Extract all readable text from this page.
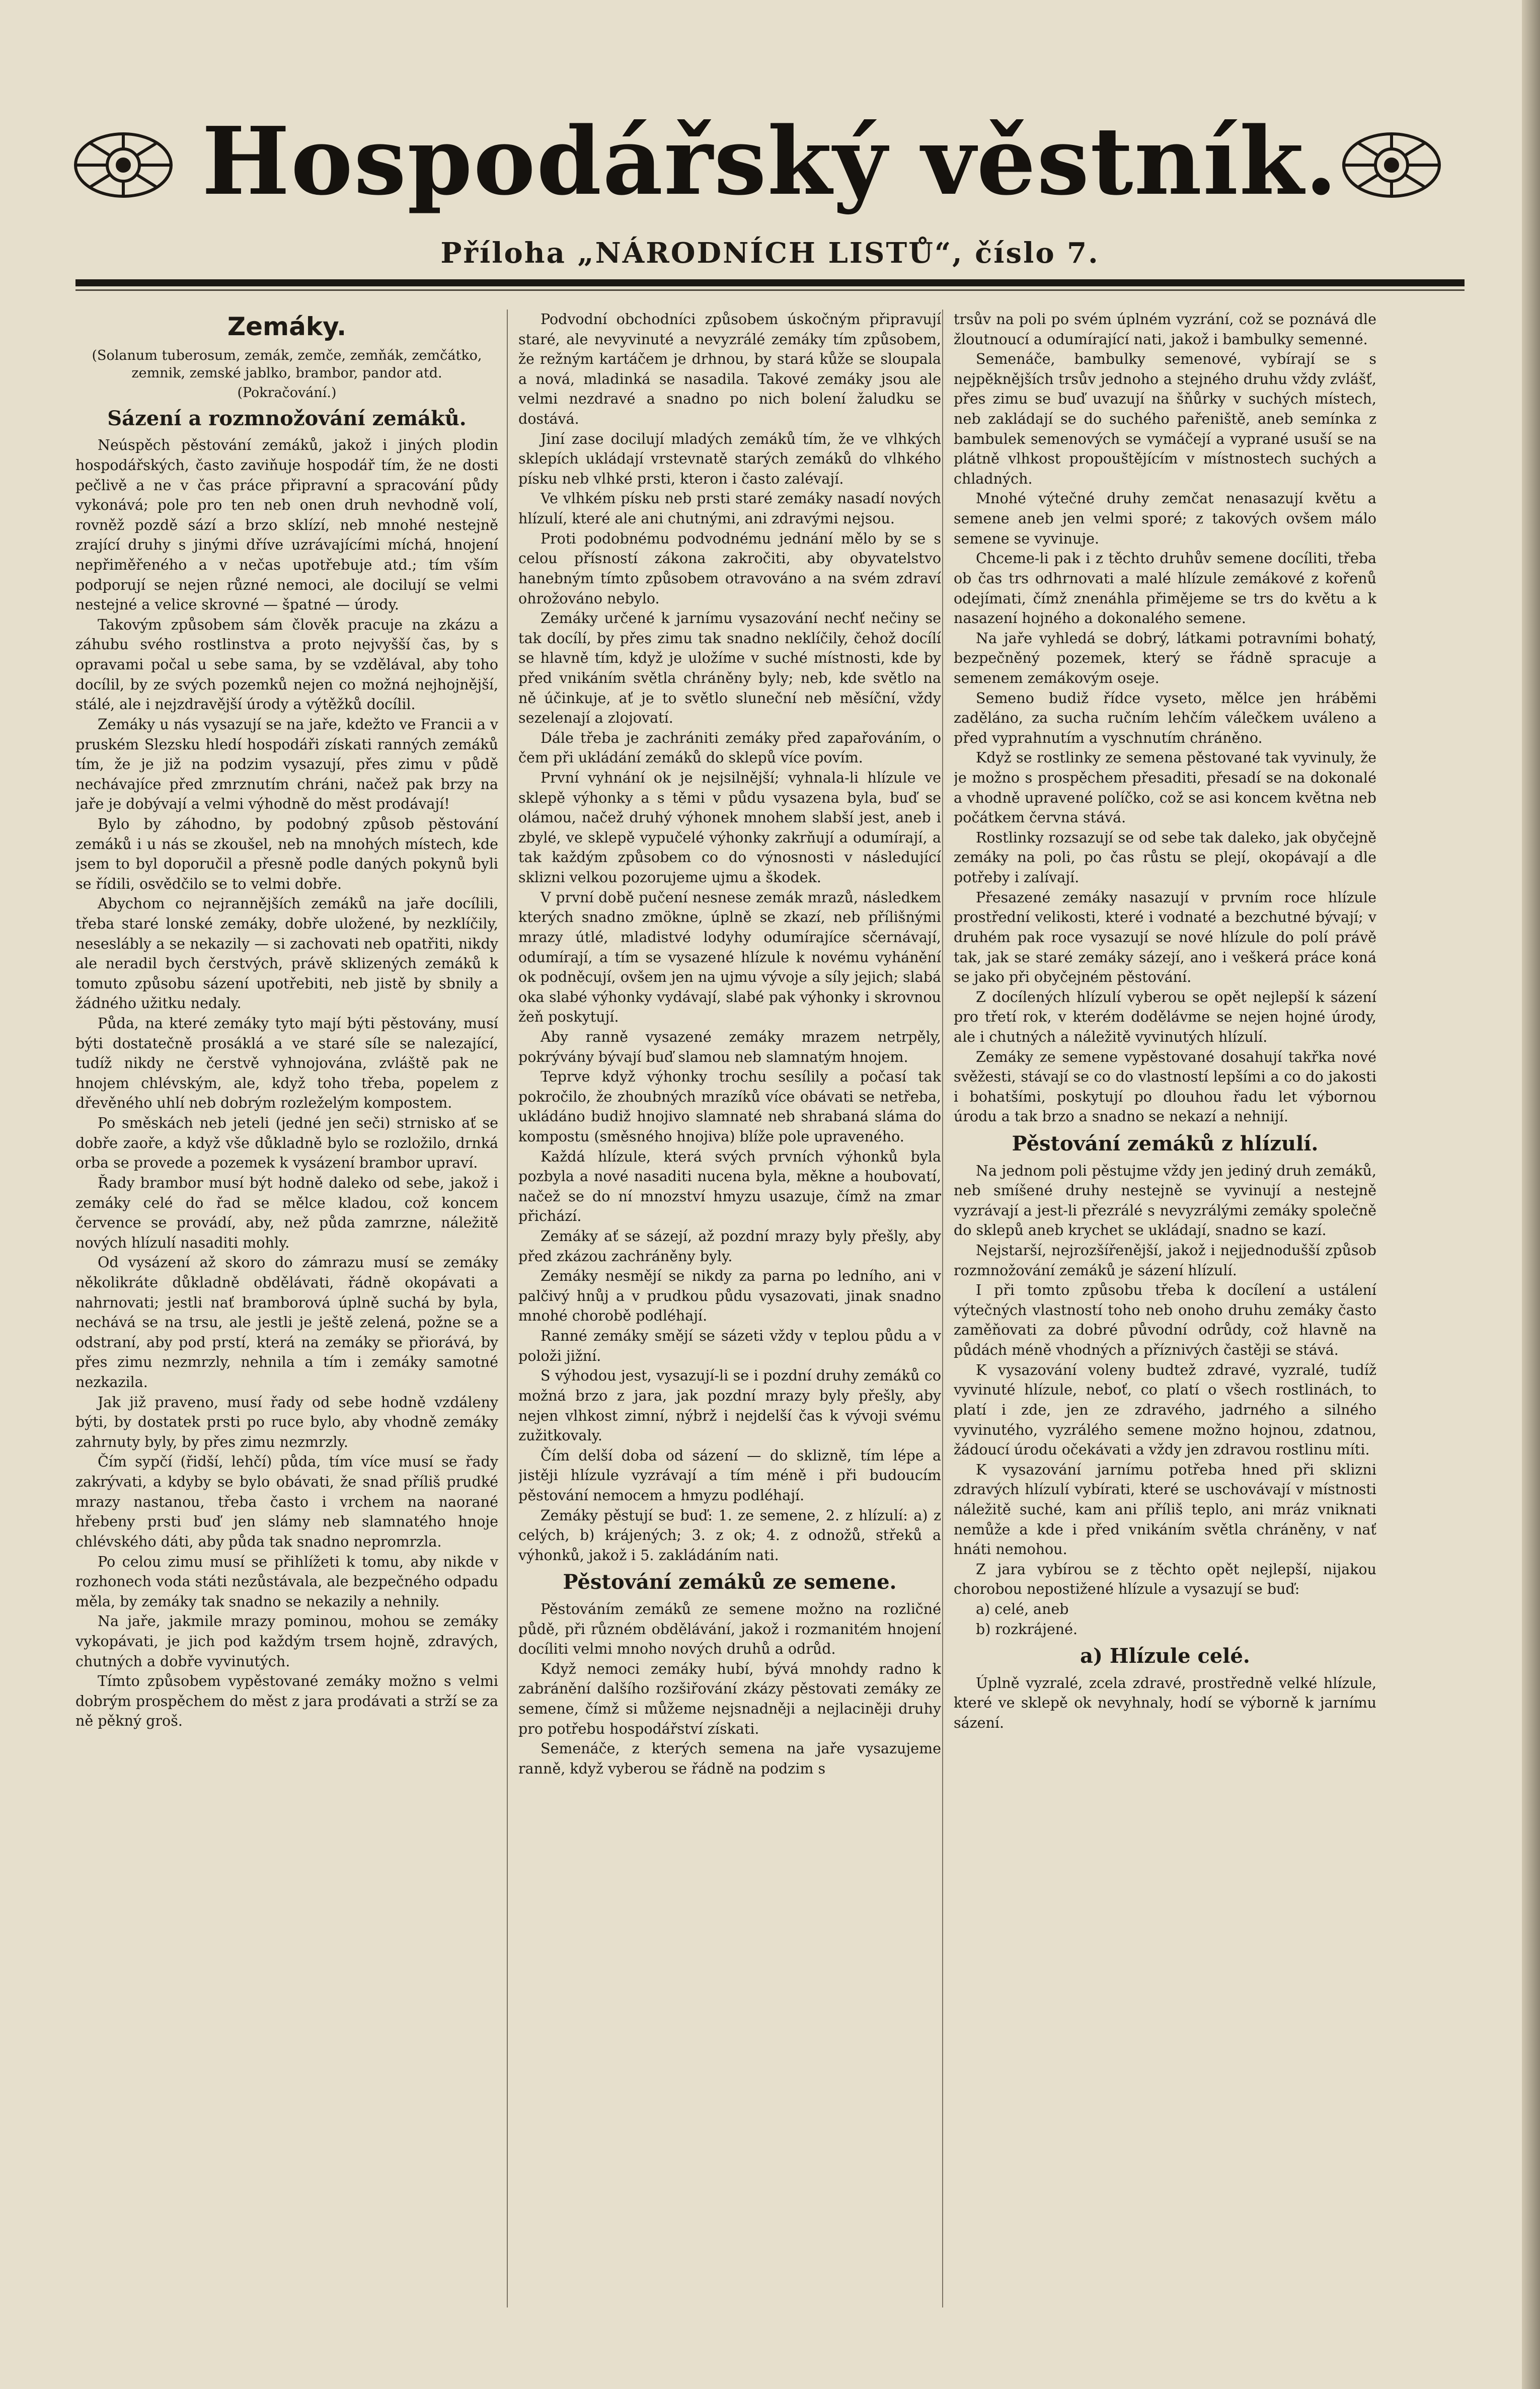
Hospodářský věstník.
Příloha „NÁRODNÍCH LISTŮ“, číslo 7.
Zemáky.
(Solanum tuberosum, zemák, zemče, zemňák, zemčátko, zemnik, zemské jablko, brambor, pandor atd.
(Pokračování.)
Sázení a rozmnožování zemáků.

Neúspěch pěstování zemáků, jakož i jiných plodin hospodářských, často zaviňuje hospodář tím, že ne dosti pečlivě a ne v čas práce připravní a spracování půdy vykonává; pole pro ten neb onen druh nevhodně volí, rovněž pozdě sází a brzo sklízí, neb mnohé nestejně zrající druhy s jinými dříve uzrávajícími míchá, hnojení nepřiměřeného a v nečas upotřebuje atd.; tím vším podporují se nejen různé nemoci, ale docilují se velmi nestejné a velice skrovné — špatné — úrody.

Takovým způsobem sám člověk pracuje na zkázu a záhubu svého rostlinstva a proto nejvyšší čas, by s opravami počal u sebe sama, by se vzdělával, aby toho docílil, by ze svých pozemků nejen co možná nejhojnější, stálé, ale i nejzdravější úrody a výtěžků docílil.

Zemáky u nás vysazují se na jaře, kdežto ve Francii a v pruském Slezsku hledí hospodáři získati ranných zemáků tím, že je již na podzim vysazují, přes zimu v půdě nechávajíce před zmrznutím chráni, načež pak brzy na jaře je dobývají a velmi výhodně do měst prodávají!

Bylo by záhodno, by podobný způsob pěstování zemáků i u nás se zkoušel, neb na mnohých místech, kde jsem to byl doporučil a přesně podle daných pokynů byli se řídili, osvědčilo se to velmi dobře.

Abychom co nejrannějších zemáků na jaře docílili, třeba staré lonské zemáky, dobře uložené, by nezklíčily, neseslábly a se nekazily — si zachovati neb opatřiti, nikdy ale neradil bych čerstvých, právě sklizených zemáků k tomuto způsobu sázení upotřebiti, neb jistě by sbnily a žádného užitku nedaly.

Půda, na které zemáky tyto mají býti pěstovány, musí býti dostatečně prosáklá a ve staré síle se nalezající, tudíž nikdy ne čerstvě vyhnojována, zvláště pak ne hnojem chlévským, ale, když toho třeba, popelem z dřevěného uhlí neb dobrým rozleželým kompostem.

Po směskách neb jeteli (jedné jen seči) strnisko ať se dobře zaoře, a když vše důkladně bylo se rozložilo, drnká orba se provede a pozemek k vysázení brambor upraví.

Řady brambor musí být hodně daleko od sebe, jakož i zemáky celé do řad se mělce kladou, což koncem července se provádí, aby, než půda zamrzne, náležitě nových hlízulí nasaditi mohly.

Od vysázení až skoro do zámrazu musí se zemáky několikráte důkladně obdělávati, řádně okopávati a nahrnovati; jestli nať bramborová úplně suchá by byla, nechává se na trsu, ale jestli je ještě zelená, požne se a odstraní, aby pod prstí, která na zemáky se přiorává, by přes zimu nezmrzly, nehnila a tím i zemáky samotné nezkazila.

Jak již praveno, musí řady od sebe hodně vzdáleny býti, by dostatek prsti po ruce bylo, aby vhodně zemáky zahrnuty byly, by přes zimu nezmrzly.

Čím sypčí (řidší, lehčí) půda, tím více musí se řady zakrývati, a kdyby se bylo obávati, že snad příliš prudké mrazy nastanou, třeba často i vrchem na naorané hřebeny prsti buď jen slámy neb slamnatého hnoje chlévského dáti, aby půda tak snadno nepromrzla.

Po celou zimu musí se přihlížeti k tomu, aby nikde v rozhonech voda státi nezůstávala, ale bezpečného odpadu měla, by zemáky tak snadno se nekazily a nehnily.

Na jaře, jakmile mrazy pominou, mohou se zemáky vykopávati, je jich pod každým trsem hojně, zdravých, chutných a dobře vyvinutých.

Tímto způsobem vypěstované zemáky možno s velmi dobrým prospěchem do měst z jara prodávati a strží se za ně pěkný groš.

Podvodní obchodníci způsobem úskočným připravují staré, ale nevyvinuté a nevyzrálé zemáky tím způsobem, že režným kartáčem je drhnou, by stará kůže se sloupala a nová, mladinká se nasadila. Takové zemáky jsou ale velmi nezdravé a snadno po nich bolení žaludku se dostává.

Jiní zase docilují mladých zemáků tím, že ve vlhkých sklepích ukládají vrstevnatě starých zemáků do vlhkého písku neb vlhké prsti, kteron i často zalévají.

Ve vlhkém písku neb prsti staré zemáky nasadí nových hlízulí, které ale ani chutnými, ani zdravými nejsou.

Proti podobnému podvodnému jednání mělo by se s celou přísností zákona zakročiti, aby obyvatelstvo hanebným tímto způsobem otravováno a na svém zdraví ohrožováno nebylo.

Zemáky určené k jarnímu vysazování nechť nečiny se tak docílí, by přes zimu tak snadno neklíčily, čehož docílí se hlavně tím, když je uložíme v suché místnosti, kde by před vnikáním světla chráněny byly; neb, kde světlo na ně účinkuje, ať je to světlo sluneční neb měsíční, vždy sezelenají a zlojovatí.

Dále třeba je zachrániti zemáky před zapařováním, o čem při ukládání zemáků do sklepů více povím.

První vyhnání ok je nejsilnější; vyhnala-li hlízule ve sklepě výhonky a s těmi v půdu vysazena byla, buď se olámou, načež druhý výhonek mnohem slabší jest, aneb i zbylé, ve sklepě vypučelé výhonky zakrňují a odumírají, a tak každým způsobem co do výnosnosti v následující sklizni velkou pozorujeme ujmu a škodek.

V první době pučení nesnese zemák mrazů, následkem kterých snadno zmökne, úplně se zkazí, neb přílišnými mrazy útlé, mladistvé lodyhy odumírajíce sčernávají, odumírají, a tím se vysazené hlízule k novému vyhánění ok podněcují, ovšem jen na ujmu vývoje a síly jejich; slabá oka slabé výhonky vydávají, slabé pak výhonky i skrovnou žeň poskytují.

Aby ranně vysazené zemáky mrazem netrpěly, pokrývány bývají buď slamou neb slamnatým hnojem.

Teprve když výhonky trochu sesílily a počasí tak pokročilo, že zhoubných mrazíků více obávati se netřeba, ukládáno budiž hnojivo slamnaté neb shrabaná sláma do kompostu (směsného hnojiva) blíže pole upraveného.

Každá hlízule, která svých prvních výhonků byla pozbyla a nové nasaditi nucena byla, měkne a houbovatí, načež se do ní mnozství hmyzu usazuje, čímž na zmar přichází.

Zemáky ať se sázejí, až pozdní mrazy byly přešly, aby před zkázou zachráněny byly.

Zemáky nesmějí se nikdy za parna po ledního, ani v palčivý hnůj a v prudkou půdu vysazovati, jinak snadno mnohé chorobě podléhají.

Ranné zemáky smějí se sázeti vždy v teplou půdu a v položi jižní.

S výhodou jest, vysazují-li se i pozdní druhy zemáků co možná brzo z jara, jak pozdní mrazy byly přešly, aby nejen vlhkost zimní, nýbrž i nejdelší čas k vývoji svému zužitkovaly.

Čím delší doba od sázení — do sklizně, tím lépe a jistěji hlízule vyzrávají a tím méně i při budoucím pěstování nemocem a hmyzu podléhají.

Zemáky pěstují se buď: 1. ze semene, 2. z hlízulí: a) z celých, b) krájených; 3. z ok; 4. z odnožů, střeků a výhonků, jakož i 5. zakládáním nati.

Pěstování zemáků ze semene.

Pěstováním zemáků ze semene možno na rozličné půdě, při různém obdělávání, jakož i rozmanitém hnojení docíliti velmi mnoho nových druhů a odrůd.

Když nemoci zemáky hubí, bývá mnohdy radno k zabránění dalšího rozšiřování zkázy pěstovati zemáky ze semene, čímž si můžeme nejsnadněji a nejlaciněji druhy pro potřebu hospodářství získati.

Semenáče, z kterých semena na jaře vysazujeme ranně, když vyberou se řádně na podzim s

trsův na poli po svém úplném vyzrání, což se poznává dle žloutnoucí a odumírající nati, jakož i bambulky semenné.

Semenáče, bambulky semenové, vybírají se s nejpěknějších trsův jednoho a stejného druhu vždy zvlášť, přes zimu se buď uvazují na šňůrky v suchých místech, neb zakládají se do suchého pařeniště, aneb semínka z bambulek semenových se vymáčejí a vyprané usuší se na plátně vlhkost propouštějícím v místnostech suchých a chladných.

Mnohé výtečné druhy zemčat nenasazují květu a semene aneb jen velmi sporé; z takových ovšem málo semene se vyvinuje.

Chceme-li pak i z těchto druhův semene docíliti, třeba ob čas trs odhrnovati a malé hlízule zemákové z kořenů odejímati, čímž znenáhla přimějeme se trs do květu a k nasazení hojného a dokonalého semene.

Na jaře vyhledá se dobrý, látkami potravními bohatý, bezpečněný pozemek, který se řádně spracuje a semenem zemákovým oseje.

Semeno budiž řídce vyseto, mělce jen hráběmi zaděláno, za sucha ručním lehčím válečkem uváleno a před vyprahnutím a vyschnutím chráněno.

Když se rostlinky ze semena pěstované tak vyvinuly, že je možno s prospěchem přesaditi, přesadí se na dokonalé a vhodně upravené políčko, což se asi koncem května neb počátkem června stává.

Rostlinky rozsazují se od sebe tak daleko, jak obyčejně zemáky na poli, po čas růstu se plejí, okopávají a dle potřeby i zalívají.

Přesazené zemáky nasazují v prvním roce hlízule prostřední velikosti, které i vodnaté a bezchutné bývají; v druhém pak roce vysazují se nové hlízule do polí právě tak, jak se staré zemáky sázejí, ano i veškerá práce koná se jako při obyčejném pěstování.

Z docílených hlízulí vyberou se opět nejlepší k sázení pro třetí rok, v kterém dodělávme se nejen hojné úrody, ale i chutných a náležitě vyvinutých hlízulí.

Zemáky ze semene vypěstované dosahují takřka nové svěžesti, stávají se co do vlastností lepšími a co do jakosti i bohatšími, poskytují po dlouhou řadu let výbornou úrodu a tak brzo a snadno se nekazí a nehnijí.

Pěstování zemáků z hlízulí.

Na jednom poli pěstujme vždy jen jediný druh zemáků, neb smíšené druhy nestejně se vyvinují a nestejně vyzrávají a jest-li přezrálé s nevyzrálými zemáky společně do sklepů aneb krychet se ukládají, snadno se kazí.

Nejstarší, nejrozšířenější, jakož i nejjednodušší způsob rozmnožování zemáků je sázení hlízulí.

I při tomto způsobu třeba k docílení a ustálení výtečných vlastností toho neb onoho druhu zemáky často zaměňovati za dobré původní odrůdy, což hlavně na půdách méně vhodných a příznivých častěji se stává.

K vysazování voleny budtež zdravé, vyzralé, tudíž vyvinuté hlízule, neboť, co platí o všech rostlinách, to platí i zde, jen ze zdravého, jadrného a silného vyvinutého, vyzrálého semene možno hojnou, zdatnou, žádoucí úrodu očekávati a vždy jen zdravou rostlinu míti.

K vysazování jarnímu potřeba hned při sklizni zdravých hlízulí vybírati, které se uschovávají v místnosti náležitě suché, kam ani příliš teplo, ani mráz vniknati nemůže a kde i před vnikáním světla chráněny, v nať hnáti nemohou.

Z jara vybírou se z těchto opět nejlepší, nijakou chorobou nepostižené hlízule a vysazují se buď:

a) celé, aneb

b) rozkrájené.

a) Hlízule celé.

Úplně vyzralé, zcela zdravé, prostředně velké hlízule, které ve sklepě ok nevyhnaly, hodí se výborně k jarnímu sázení.
